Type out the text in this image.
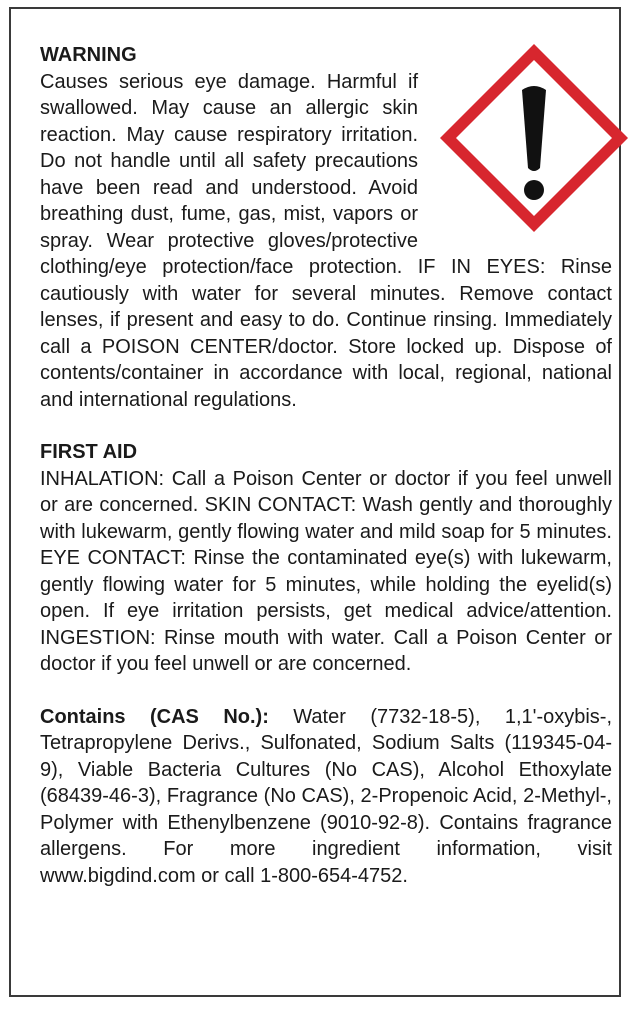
WARNING

Causes serious eye damage. Harmful if swallowed. May cause an allergic skin reaction. May cause respiratory irritation. Do not handle until all safety precautions have been read and understood. Avoid breathing dust, fume, gas, mist, vapors or spray. Wear protective gloves/protective clothing/eye protection/face protection. IF IN EYES: Rinse cautiously with water for several minutes. Remove contact lenses, if present and easy to do. Continue rinsing. Immediately call a POISON CENTER/doctor. Store locked up. Dispose of contents/container in accordance with local, regional, national and international regulations.

FIRST AID

INHALATION: Call a Poison Center or doctor if you feel unwell or are concerned. SKIN CONTACT: Wash gently and thoroughly with lukewarm, gently flowing water and mild soap for 5 minutes. EYE CONTACT: Rinse the contaminated eye(s) with lukewarm, gently flowing water for 5 minutes, while holding the eyelid(s) open. If eye irritation persists, get medical advice/attention. INGESTION: Rinse mouth with water. Call a Poison Center or doctor if you feel unwell or are concerned.

Contains (CAS No.): Water (7732-18-5), 1,1'-oxybis-, Tetrapropylene Derivs., Sulfonated, Sodium Salts (119345-04-9), Viable Bacteria Cultures (No CAS), Alcohol Ethoxylate (68439-46-3), Fragrance (No CAS), 2-Propenoic Acid, 2-Methyl-, Polymer with Ethenylbenzene (9010-92-8). Contains fragrance allergens. For more ingredient information, visit www.bigdind.com or call 1-800-654-4752.
